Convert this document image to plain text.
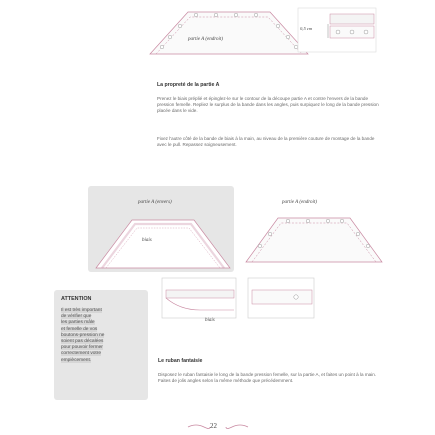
partie A (endroit)
0,5 cm
La propreté de la partie A

Prenez le biais préplié et épinglez-le sur le contour de la découpe partie A et contre l'envers de la bande pression femelle. Repliez le surplus de la bande dans les angles, puis surpiquez le long de la bande pression placée dans le vide.

Fixez l'autre côté de la bande de biais à la main, au niveau de la première couture de montage de la bande avec le pull. Repassez soigneusement.

partie A (envers)
biais
partie A (endroit)
biais
ATTENTION
Il est très important
de vérifier que
les parties mâle
et femelle de vos
boutons-pression ne
soient pas décalées
pour pouvoir fermer
correctement votre
empiècement.	Le ruban fantaisie

Disposez le ruban fantaisie le long de la bande pression femelle, sur la partie A, et faites un point à la main. Faites de jolis angles selon la même méthode que précédemment.

22
